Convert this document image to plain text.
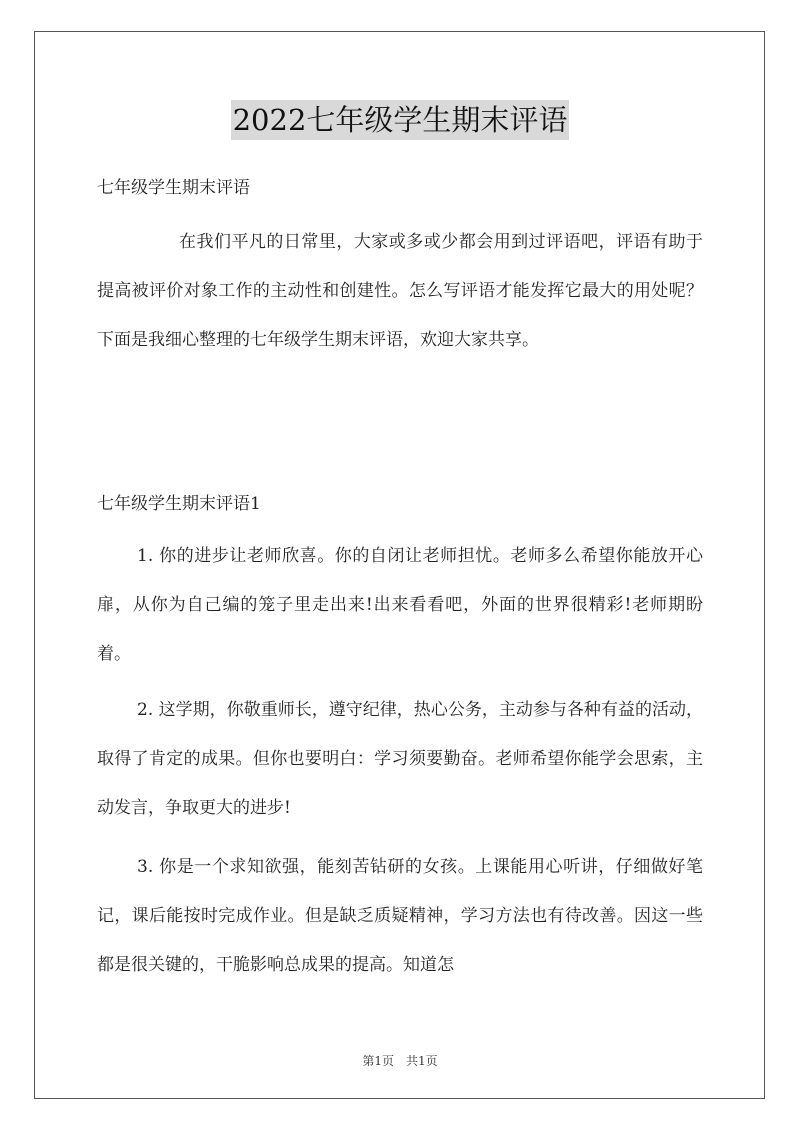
2022七年级学生期末评语

七年级学生期末评语

在我们平凡的日常里，大家或多或少都会用到过评语吧，评语有助于提高被评价对象工作的主动性和创建性。怎么写评语才能发挥它最大的用处呢？下面是我细心整理的七年级学生期末评语，欢迎大家共享。

七年级学生期末评语1

1. 你的进步让老师欣喜。你的自闭让老师担忧。老师多么希望你能放开心扉，从你为自己编的笼子里走出来!出来看看吧，外面的世界很精彩!老师期盼着。

2. 这学期，你敬重师长，遵守纪律，热心公务，主动参与各种有益的活动，取得了肯定的成果。但你也要明白：学习须要勤奋。老师希望你能学会思索，主动发言，争取更大的进步!

3. 你是一个求知欲强，能刻苦钻研的女孩。上课能用心听讲，仔细做好笔记，课后能按时完成作业。但是缺乏质疑精神，学习方法也有待改善。因这一些都是很关键的，干脆影响总成果的提高。知道怎

第1页　共1页
